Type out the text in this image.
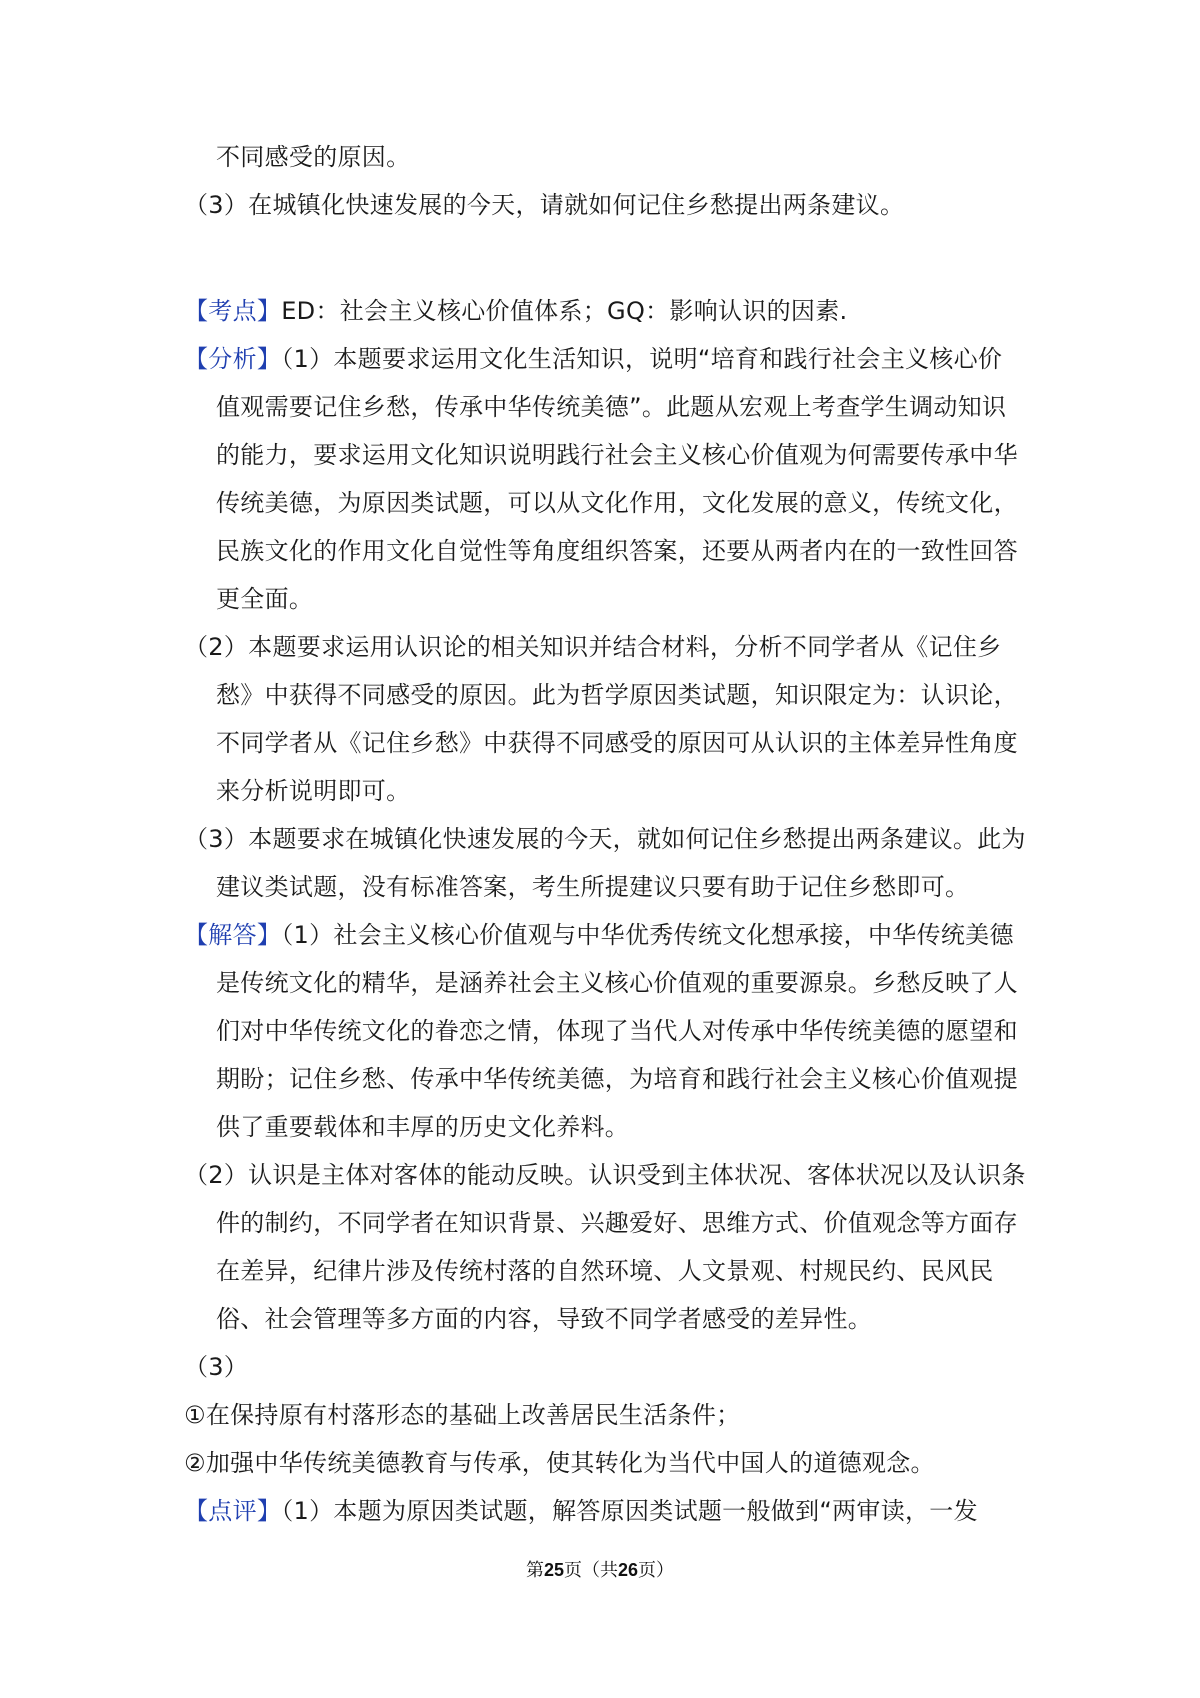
不同感受的原因。
（3）在城镇化快速发展的今天，请就如何记住乡愁提出两条建议。
【考点】ED：社会主义核心价值体系；GQ：影响认识的因素.
【分析】（1）本题要求运用文化生活知识，说明“培育和践行社会主义核心价
值观需要记住乡愁，传承中华传统美德”。此题从宏观上考查学生调动知识
的能力，要求运用文化知识说明践行社会主义核心价值观为何需要传承中华
传统美德，为原因类试题，可以从文化作用，文化发展的意义，传统文化，
民族文化的作用文化自觉性等角度组织答案，还要从两者内在的一致性回答
更全面。
（2）本题要求运用认识论的相关知识并结合材料，分析不同学者从《记住乡
愁》中获得不同感受的原因。此为哲学原因类试题，知识限定为：认识论，
不同学者从《记住乡愁》中获得不同感受的原因可从认识的主体差异性角度
来分析说明即可。
（3）本题要求在城镇化快速发展的今天，就如何记住乡愁提出两条建议。此为
建议类试题，没有标准答案，考生所提建议只要有助于记住乡愁即可。
【解答】（1）社会主义核心价值观与中华优秀传统文化想承接，中华传统美德
是传统文化的精华，是涵养社会主义核心价值观的重要源泉。乡愁反映了人
们对中华传统文化的眷恋之情，体现了当代人对传承中华传统美德的愿望和
期盼；记住乡愁、传承中华传统美德，为培育和践行社会主义核心价值观提
供了重要载体和丰厚的历史文化养料。
（2）认识是主体对客体的能动反映。认识受到主体状况、客体状况以及认识条
件的制约，不同学者在知识背景、兴趣爱好、思维方式、价值观念等方面存
在差异，纪律片涉及传统村落的自然环境、人文景观、村规民约、民风民
俗、社会管理等多方面的内容，导致不同学者感受的差异性。
（3）
①在保持原有村落形态的基础上改善居民生活条件；
②加强中华传统美德教育与传承，使其转化为当代中国人的道德观念。
【点评】（1）本题为原因类试题，解答原因类试题一般做到“两审读，一发
第25页（共26页）
